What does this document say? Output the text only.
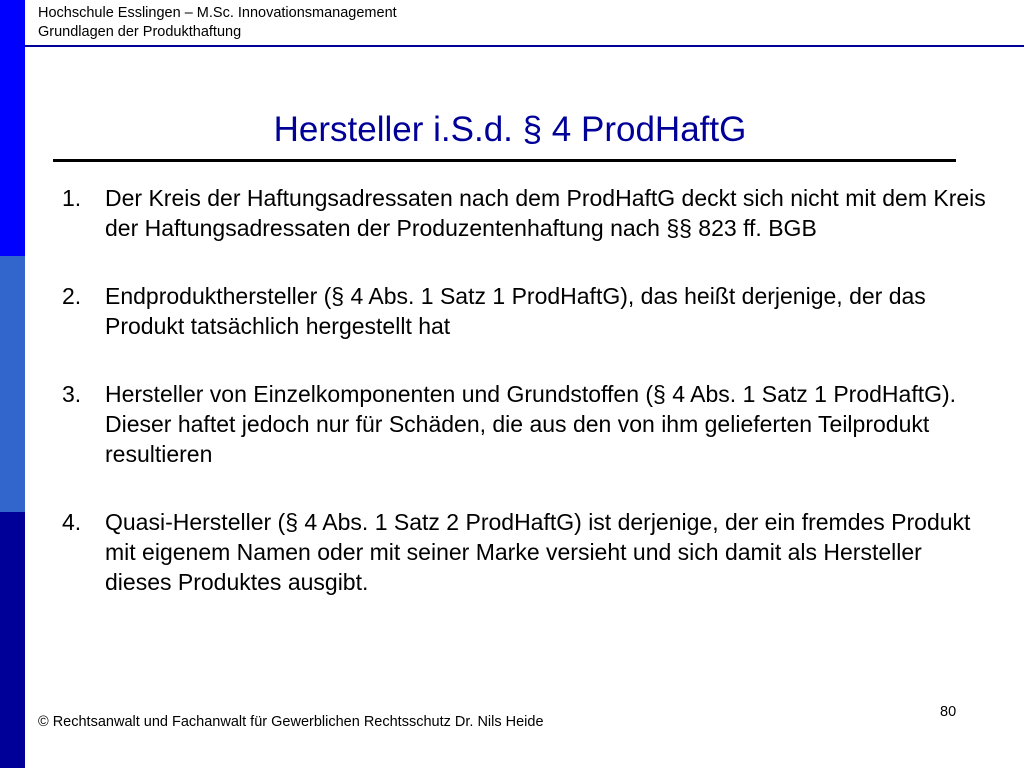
Hochschule Esslingen – M.Sc. Innovationsmanagement
Grundlagen der Produkthaftung
Hersteller i.S.d. § 4 ProdHaftG
1.	Der Kreis der Haftungsadressaten nach dem ProdHaftG deckt sich nicht mit dem Kreis der Haftungsadressaten der Produzentenhaftung nach §§ 823 ff. BGB
2.	Endprodukthersteller (§ 4 Abs. 1 Satz 1 ProdHaftG), das heißt derjenige, der das Produkt tatsächlich hergestellt hat
3.	Hersteller von Einzelkomponenten und Grundstoffen (§ 4 Abs. 1 Satz 1 ProdHaftG). Dieser haftet jedoch nur für Schäden, die aus den von ihm gelieferten Teilprodukt resultieren
4.	Quasi-Hersteller (§ 4 Abs. 1 Satz 2 ProdHaftG) ist derjenige, der ein fremdes Produkt mit eigenem Namen oder mit seiner Marke versieht und sich damit als Hersteller dieses Produktes ausgibt.
© Rechtsanwalt und Fachanwalt für Gewerblichen Rechtsschutz Dr. Nils Heide
80
